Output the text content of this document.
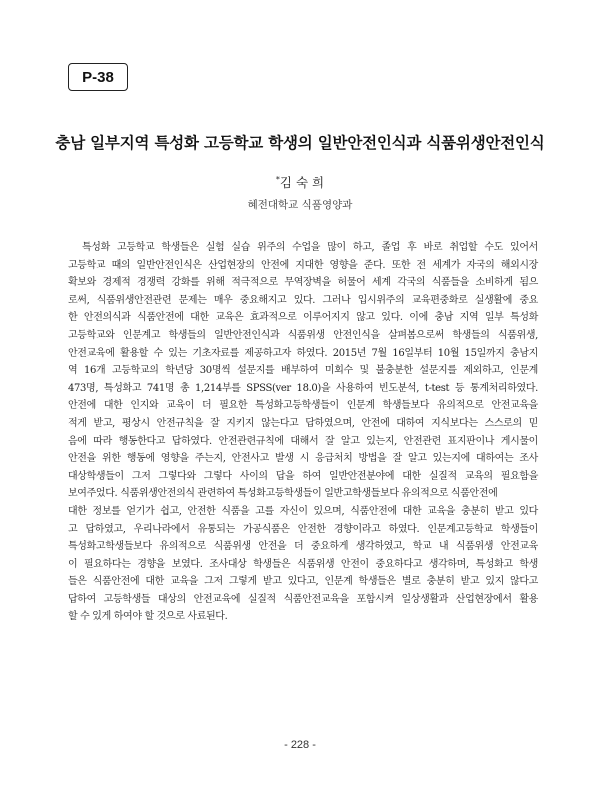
P-38
충남 일부지역 특성화 고등학교 학생의 일반안전인식과 식품위생안전인식
*김 숙 희
혜전대학교 식품영양과
특성화 고등학교 학생들은 실험 실습 위주의 수업을 많이 하고, 졸업 후 바로 취업할 수도 있어서
고등학교 때의 일반안전인식은 산업현장의 안전에 지대한 영향을 준다. 또한 전 세계가 자국의 해외시장
확보와 경제적 경쟁력 강화를 위해 적극적으로 무역장벽을 허물어 세계 각국의 식품들을 소비하게 됨으
로써, 식품위생안전관련 문제는 매우 중요해지고 있다. 그러나 입시위주의 교육편중화로 실생활에 중요
한 안전의식과 식품안전에 대한 교육은 효과적으로 이루어지지 않고 있다. 이에 충남 지역 일부 특성화
고등학교와 인문계고 학생들의 일반안전인식과 식품위생 안전인식을 살펴봄으로써 학생들의 식품위생,
안전교육에 활용할 수 있는 기초자료를 제공하고자 하였다. 2015년 7월 16일부터 10월 15일까지 충남지
역 16개 고등학교의 학년당 30명씩 설문지를 배부하여 미회수 및 불충분한 설문지를 제외하고, 인문계
473명, 특성화고 741명 총 1,214부를 SPSS(ver 18.0)을 사용하여 빈도분석, t-test 등 통계처리하였다.
안전에 대한 인지와 교육이 더 필요한 특성화고등학생들이 인문계 학생들보다 유의적으로 안전교육을
적게 받고, 평상시 안전규칙을 잘 지키지 않는다고 답하였으며, 안전에 대하여 지식보다는 스스로의 믿
음에 따라 행동한다고 답하였다. 안전관련규칙에 대해서 잘 알고 있는지, 안전관련 표지판이나 게시물이
안전을 위한 행동에 영향을 주는지, 안전사고 발생 시 응급처치 방법을 잘 알고 있는지에 대하여는 조사
대상학생들이 그저 그렇다와 그렇다 사이의 답을 하여 일반안전분야에 대한 실질적 교육의 필요함을
보여주었다. 식품위생안전의식 관련하여 특성화고등학생들이 일반고학생들보다 유의적으로 식품안전에
대한 정보를 얻기가 쉽고, 안전한 식품을 고를 자신이 있으며, 식품안전에 대한 교육을 충분히 받고 있다
고 답하였고, 우리나라에서 유통되는 가공식품은 안전한 경향이라고 하였다. 인문계고등학교 학생들이
특성화고학생들보다 유의적으로 식품위생 안전을 더 중요하게 생각하였고, 학교 내 식품위생 안전교육
이 필요하다는 경향을 보였다. 조사대상 학생들은 식품위생 안전이 중요하다고 생각하며, 특성화고 학생
들은 식품안전에 대한 교육을 그저 그렇게 받고 있다고, 인문계 학생들은 별로 충분히 받고 있지 않다고
답하여 고등학생들 대상의 안전교육에 실질적 식품안전교육을 포함시켜 일상생활과 산업현장에서 활용
할 수 있게 하여야 할 것으로 사료된다.
- 228 -
